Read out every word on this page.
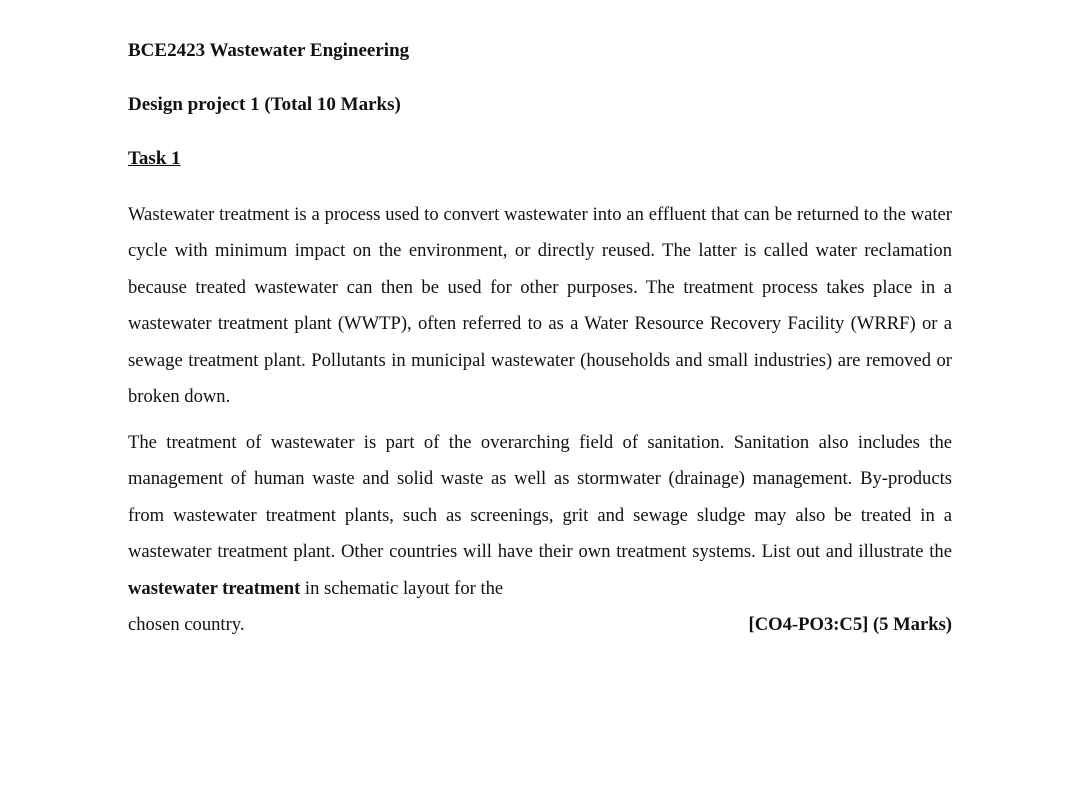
BCE2423 Wastewater Engineering
Design project 1 (Total 10 Marks)
Task 1

Wastewater treatment is a process used to convert wastewater into an effluent that can be returned to the water cycle with minimum impact on the environment, or directly reused. The latter is called water reclamation because treated wastewater can then be used for other purposes. The treatment process takes place in a wastewater treatment plant (WWTP), often referred to as a Water Resource Recovery Facility (WRRF) or a sewage treatment plant. Pollutants in municipal wastewater (households and small industries) are removed or broken down.

The treatment of wastewater is part of the overarching field of sanitation. Sanitation also includes the management of human waste and solid waste as well as stormwater (drainage) management. By-products from wastewater treatment plants, such as screenings, grit and sewage sludge may also be treated in a wastewater treatment plant. Other countries will have their own treatment systems. List out and illustrate the wastewater treatment in schematic layout for the
chosen country.	[CO4-PO3:C5] (5 Marks)
